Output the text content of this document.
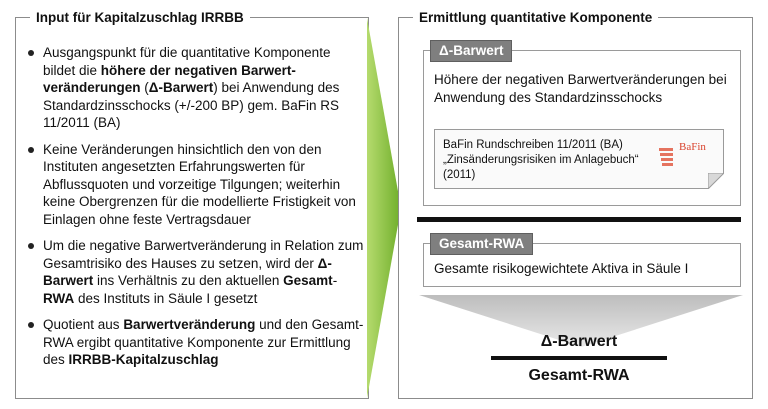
Input für Kapitalzuschlag IRRBB
Ausgangspunkt für die quantitative Komponente bildet die höhere der negativen Barwert-veränderungen (Δ-Barwert) bei Anwendung des Standardzinsschocks (+/-200 BP) gem. BaFin RS 11/2011 (BA)
Keine Veränderungen hinsichtlich den von den Instituten angesetzten Erfahrungswerten für Abflussquoten und vorzeitige Tilgungen; weiterhin keine Obergrenzen für die modellierte Fristigkeit von Einlagen ohne feste Vertragsdauer
Um die negative Barwertveränderung in Relation zum Gesamtrisiko des Hauses zu setzen, wird der Δ-Barwert ins Verhältnis zu den aktuellen Gesamt-RWA des Instituts in Säule I gesetzt
Quotient aus Barwertveränderung und den Gesamt-RWA ergibt quantitative Komponente zur Ermittlung des IRRBB-Kapitalzuschlag
Ermittlung quantitative Komponente
Δ-Barwert
Höhere der negativen Barwertveränderungen bei Anwendung des Standardzinsschocks
BaFin Rundschreiben 11/2011 (BA)
„Zinsänderungsrisiken im Anlagebuch“ (2011)
BaFin
Gesamt-RWA
Gesamte risikogewichtete Aktiva in Säule I
Δ-Barwert
Gesamt-RWA
